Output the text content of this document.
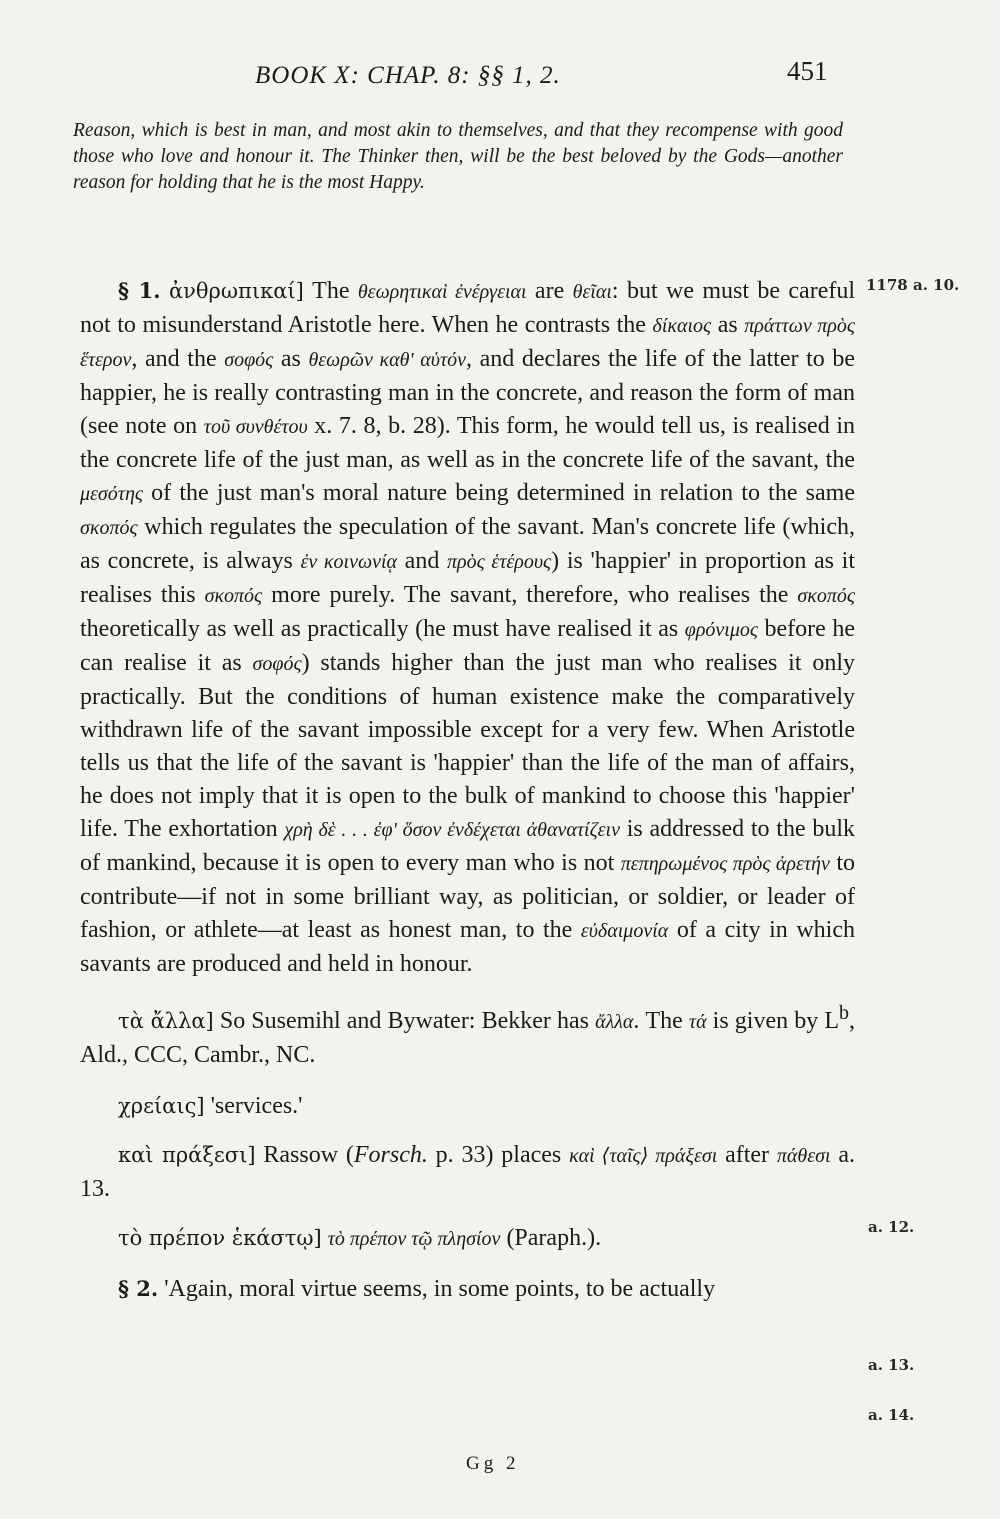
BOOK X: CHAP. 8: §§ 1, 2.	451

Reason, which is best in man, and most akin to themselves, and that they recompense with good those who love and honour it. The Thinker then, will be the best beloved by the Gods—another reason for holding that he is the most Happy.

§ 1. ἀνθρωπικαί] The θεωρητικαὶ ἐνέργειαι are θεῖαι: but we must be careful not to misunderstand Aristotle here. When he contrasts the δίκαιος as πράττων πρὸς ἕτερον, and the σοφός as θεωρῶν καθ' αὑτόν, and declares the life of the latter to be happier, he is really contrasting man in the concrete, and reason the form of man (see note on τοῦ συνθέτου x. 7. 8, b. 28). This form, he would tell us, is realised in the concrete life of the just man, as well as in the concrete life of the savant, the μεσότης of the just man's moral nature being determined in relation to the same σκοπός which regulates the speculation of the savant. Man's concrete life (which, as concrete, is always ἐν κοινωνίᾳ and πρὸς ἑτέρους) is 'happier' in proportion as it realises this σκοπός more purely. The savant, therefore, who realises the σκοπός theoretically as well as practically (he must have realised it as φρόνιμος before he can realise it as σοφός) stands higher than the just man who realises it only practically. But the conditions of human existence make the comparatively withdrawn life of the savant impossible except for a very few. When Aristotle tells us that the life of the savant is 'happier' than the life of the man of affairs, he does not imply that it is open to the bulk of mankind to choose this 'happier' life. The exhortation χρὴ δὲ . . . ἐφ' ὅσον ἐνδέχεται ἀθανατίζειν is addressed to the bulk of mankind, because it is open to every man who is not πεπηρωμένος πρὸς ἀρετήν to contribute—if not in some brilliant way, as politician, or soldier, or leader of fashion, or athlete—at least as honest man, to the εὐδαιμονία of a city in which savants are produced and held in honour.

τὰ ἄλλα] So Susemihl and Bywater: Bekker has ἄλλα. The τά is given by $L^b$, Ald., CCC, Cambr., NC.

χρείαις] 'services.'

καὶ πράξεσι] Rassow (Forsch. p. 33) places καὶ ⟨ταῖς⟩ πράξεσι after πάθεσι a. 13.

τὸ πρέπον ἑκάστῳ] τὸ πρέπον τῷ πλησίον (Paraph.).

§ 2. 'Again, moral virtue seems, in some points, to be actually

1178 a. 10.
a. 12.
a. 13.
a. 14.
Gg 2
